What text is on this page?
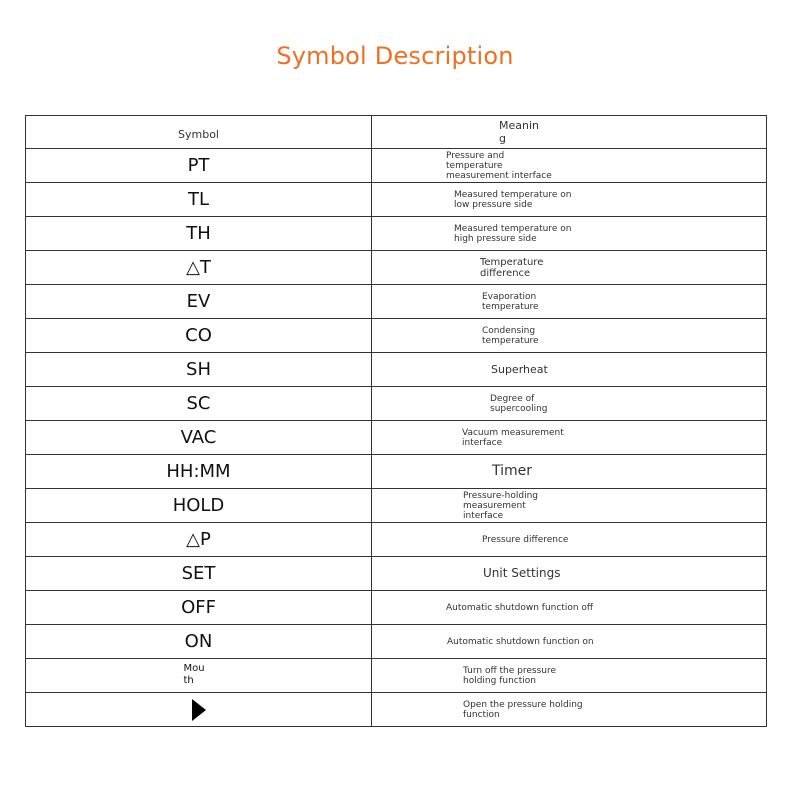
Symbol Description
Symbol	Meanin
g
PT	Pressure and temperature measurement interface

TL	Measured temperature on low pressure side

TH	Measured temperature on high pressure side

△T	Temperature difference

EV	Evaporation temperature

CO	Condensing temperature

SH	Superheat

SC	Degree of supercooling

VAC	Vacuum measurement interface

HH:MM	Timer

HOLD	Pressure-holding measurement interface

△P	Pressure difference

SET	Unit Settings

OFF	Automatic shutdown function off

ON	Automatic shutdown function on

Mou
th	Turn off the pressure holding function

	Open the pressure holding function
